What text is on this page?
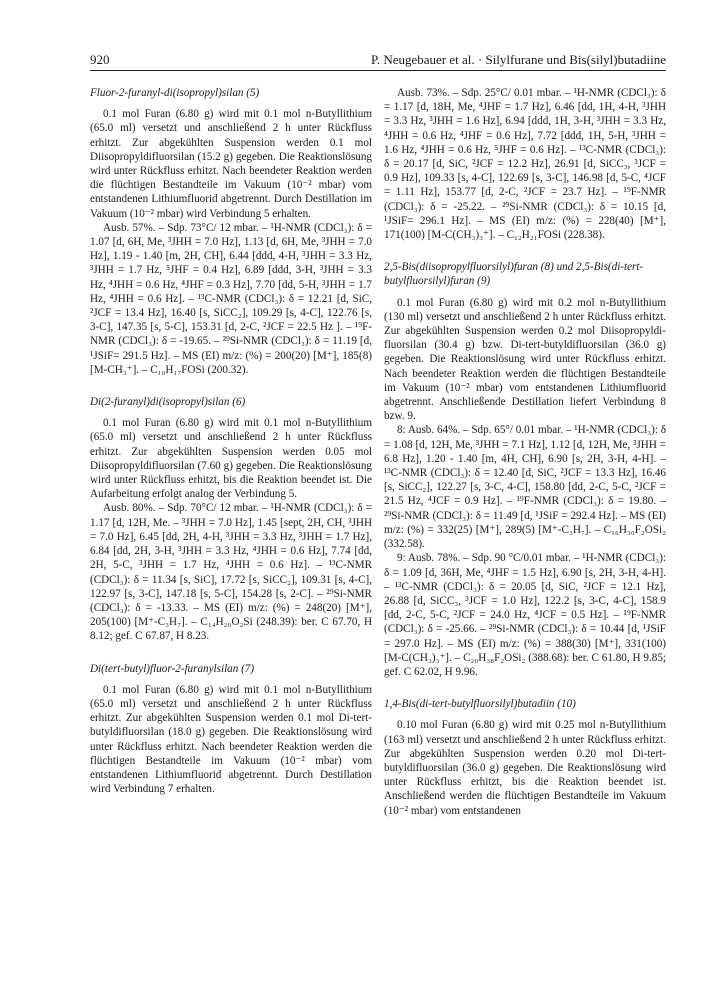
920	P. Neugebauer et al. · Silylfurane und Bis(silyl)butadiine

Fluor-2-furanyl-di(isopropyl)silan (5)

0.1 mol Furan (6.80 g) wird mit 0.1 mol n-Butyllithium (65.0 ml) versetzt und anschließend 2 h unter Rückfluss erhitzt. Zur abgekühlten Suspension werden 0.1 mol Diisopropyldifluorsilan (15.2 g) gegeben. Die Reaktionslösung wird unter Rückfluss erhitzt. Nach beendeter Reaktion werden die flüchtigen Bestandteile im Vakuum (10⁻² mbar) vom entstandenen Lithiumfluorid abgetrennt. Durch Destillation im Vakuum (10⁻² mbar) wird Verbindung 5 erhalten.

Ausb. 57%. – Sdp. 73°C/ 12 mbar. – ¹H-NMR (CDCl₃): δ = 1.07 [d, 6H, Me, ³JHH = 7.0 Hz], 1.13 [d, 6H, Me, ³JHH = 7.0 Hz], 1.19 - 1.40 [m, 2H, CH], 6.44 [ddd, 4-H, ³JHH = 3.3 Hz, ³JHH = 1.7 Hz, ⁵JHF = 0.4 Hz], 6.89 [ddd, 3-H, ³JHH = 3.3 Hz, ⁴JHH = 0.6 Hz, ⁴JHF = 0.3 Hz], 7.70 [dd, 5-H, ³JHH = 1.7 Hz, ⁴JHH = 0.6 Hz]. – ¹³C-NMR (CDCl₃): δ = 12.21 [d, SiC, ²JCF = 13.4 Hz], 16.40 [s, SiCC₂], 109.29 [s, 4-C], 122.76 [s, 3-C], 147.35 [s, 5-C], 153.31 [d, 2-C, ²JCF = 22.5 Hz ]. – ¹⁹F-NMR (CDCl₃): δ = -19.65. – ²⁹Si-NMR (CDCl₃): δ = 11.19 [d, ¹JSiF= 291.5 Hz]. – MS (EI) m/z: (%) = 200(20) [M⁺], 185(8) [M-CH₃⁺]. – C₁₀H₁₇FOSi (200.32).

Di(2-furanyl)di(isopropyl)silan (6)

0.1 mol Furan (6.80 g) wird mit 0.1 mol n-Butyllithium (65.0 ml) versetzt und anschließend 2 h unter Rückfluss erhitzt. Zur abgekühlten Suspension werden 0.05 mol Diisopropyldifluorsilan (7.60 g) gegeben. Die Reaktionslösung wird unter Rückfluss erhitzt, bis die Reaktion beendet ist. Die Aufarbeitung erfolgt analog der Verbindung 5.

Ausb. 80%. – Sdp. 70°C/ 12 mbar. – ¹H-NMR (CDCl₃): δ = 1.17 [d, 12H, Me. – ³JHH = 7.0 Hz], 1.45 [sept, 2H, CH, ³JHH = 7.0 Hz], 6.45 [dd, 2H, 4-H, ³JHH = 3.3 Hz, ³JHH = 1.7 Hz], 6.84 [dd, 2H, 3-H, ³JHH = 3.3 Hz, ⁴JHH = 0.6 Hz], 7.74 [dd, 2H, 5-C, ³JHH = 1.7 Hz, ⁴JHH = 0.6 Hz]. – ¹³C-NMR (CDCl₃): δ = 11.34 [s, SiC], 17.72 [s, SiCC₂], 109.31 [s, 4-C], 122.97 [s, 3-C], 147.18 [s, 5-C], 154.28 [s, 2-C]. – ²⁹Si-NMR (CDCl₃): δ = -13.33. – MS (EI) m/z: (%) = 248(20) [M⁺], 205(100) [M⁺-C₃H₇]. – C₁₄H₂₀O₂Si (248.39): ber. C 67.70, H 8.12; gef. C 67.87, H 8.23.

Di(tert-butyl)fluor-2-furanylsilan (7)

0.1 mol Furan (6.80 g) wird mit 0.1 mol n-Butyllithium (65.0 ml) versetzt und anschließend 2 h unter Rückfluss erhitzt. Zur abgekühlten Suspension werden 0.1 mol Di-tert-butyldifluorsilan (18.0 g) gegeben. Die Reaktionslösung wird unter Rückfluss erhitzt. Nach beendeter Reaktion werden die flüchtigen Bestandteile im Vakuum (10⁻² mbar) vom entstandenen Lithiumfluorid abgetrennt. Durch Destillation wird Verbindung 7 erhalten.

Ausb. 73%. – Sdp. 25°C/ 0.01 mbar. – ¹H-NMR (CDCl₃): δ = 1.17 [d, 18H, Me, ⁴JHF = 1.7 Hz], 6.46 [dd, 1H, 4-H, ³JHH = 3.3 Hz, ³JHH = 1.6 Hz], 6.94 [ddd, 1H, 3-H, ³JHH = 3.3 Hz, ⁴JHH = 0.6 Hz, ⁴JHF = 0.6 Hz], 7.72 [ddd, 1H, 5-H, ³JHH = 1.6 Hz, ⁴JHH = 0.6 Hz, ⁵JHF = 0.6 Hz]. – ¹³C-NMR (CDCl₃): δ = 20.17 [d, SiC, ²JCF = 12.2 Hz], 26.91 [d, SiCC₃, ³JCF = 0.9 Hz], 109.33 [s, 4-C], 122.69 [s, 3-C], 146.98 [d, 5-C, ⁴JCF = 1.11 Hz], 153.77 [d, 2-C, ²JCF = 23.7 Hz]. – ¹⁹F-NMR (CDCl₃): δ = -25.22. – ²⁹Si-NMR (CDCl₃): δ = 10.15 [d, ¹JSiF= 296.1 Hz]. – MS (EI) m/z: (%) = 228(40) [M⁺], 171(100) [M-C(CH₃)₃⁺]. – C₁₂H₂₁FOSi (228.38).

2,5-Bis(diisopropylfluorsilyl)furan (8) und 2,5-Bis(di-tert-butylfluorsilyl)furan (9)

0.1 mol Furan (6.80 g) wird mit 0.2 mol n-Butyllithium (130 ml) versetzt und anschließend 2 h unter Rückfluss erhitzt. Zur abgekühlten Suspension werden 0.2 mol Diisopropyldi-fluorsilan (30.4 g) bzw. Di-tert-butyldifluorsilan (36.0 g) gegeben. Die Reaktionslösung wird unter Rückfluss erhitzt. Nach beendeter Reaktion werden die flüchtigen Bestandteile im Vakuum (10⁻² mbar) vom entstandenen Lithiumfluorid abgetrennt. Anschließende Destillation liefert Verbindung 8 bzw. 9.

8: Ausb. 64%. – Sdp. 65°/ 0.01 mbar. – ¹H-NMR (CDCl₃): δ = 1.08 [d, 12H, Me, ³JHH = 7.1 Hz], 1.12 [d, 12H, Me, ³JHH = 6.8 Hz], 1.20 - 1.40 [m, 4H, CH], 6.90 [s, 2H, 3-H, 4-H]. – ¹³C-NMR (CDCl₃): δ = 12.40 [d, SiC, ²JCF = 13.3 Hz], 16.46 [s, SiCC₂], 122.27 [s, 3-C, 4-C], 158.80 [dd, 2-C, 5-C, ²JCF = 21.5 Hz, ⁴JCF = 0.9 Hz]. – ¹⁹F-NMR (CDCl₃): δ = 19.80. – ²⁹Si-NMR (CDCl₃): δ = 11.49 [d, ¹JSiF = 292.4 Hz]. – MS (EI) m/z: (%) = 332(25) [M⁺], 289(5) [M⁺-C₃H₇]. – C₁₆H₃₀F₂OSi₂ (332.58).

9: Ausb. 78%. – Sdp. 90 °C/0.01 mbar. – ¹H-NMR (CDCl₃): δ = 1.09 [d, 36H, Me, ⁴JHF = 1.5 Hz], 6.90 [s, 2H, 3-H, 4-H]. – ¹³C-NMR (CDCl₃): δ = 20.05 [d, SiC, ²JCF = 12.1 Hz], 26.88 [d, SiCC₃, ³JCF = 1.0 Hz], 122.2 [s, 3-C, 4-C], 158.9 [dd, 2-C, 5-C, ²JCF = 24.0 Hz, ⁴JCF = 0.5 Hz]. – ¹⁹F-NMR (CDCl₃): δ = -25.66. – ²⁹Si-NMR (CDCl₃): δ = 10.44 [d, ¹JSiF = 297.0 Hz]. – MS (EI) m/z: (%) = 388(30) [M⁺], 331(100) [M-C(CH₃)₃⁺]. – C₂₀H₃₈F₂OSi₂ (388.68): ber. C 61.80, H 9.85; gef. C 62.02, H 9.96.

1,4-Bis(di-tert-butylfluorsilyl)butadiin (10)

0.10 mol Furan (6.80 g) wird mit 0.25 mol n-Butyllithium (163 ml) versetzt und anschließend 2 h unter Rückfluss erhitzt. Zur abgekühlten Suspension werden 0.20 mol Di-tert-butyldifluorsilan (36.0 g) gegeben. Die Reaktionslösung wird unter Rückfluss erhitzt, bis die Reaktion beendet ist. Anschließend werden die flüchtigen Bestandteile im Vakuum (10⁻² mbar) vom entstandenen
